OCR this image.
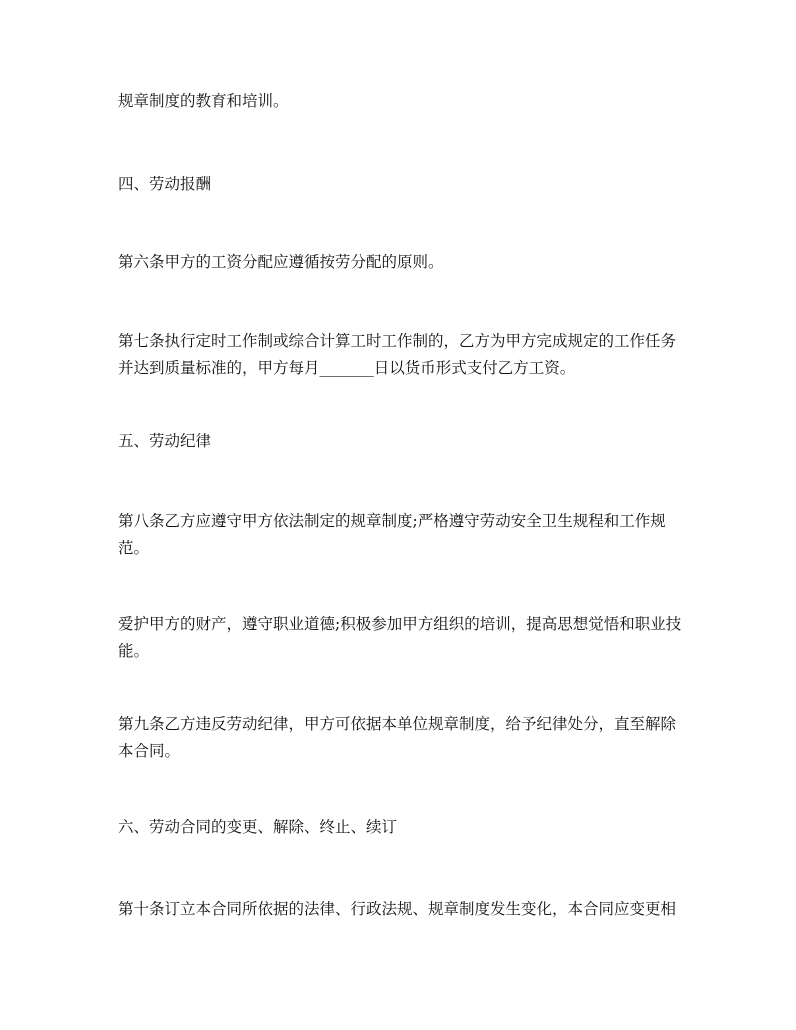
规章制度的教育和培训。

四、劳动报酬

第六条甲方的工资分配应遵循按劳分配的原则。

第七条执行定时工作制或综合计算工时工作制的，乙方为甲方完成规定的工作任务并达到质量标准的，甲方每月_______日以货币形式支付乙方工资。

五、劳动纪律

第八条乙方应遵守甲方依法制定的规章制度;严格遵守劳动安全卫生规程和工作规范。

爱护甲方的财产，遵守职业道德;积极参加甲方组织的培训，提高思想觉悟和职业技能。

第九条乙方违反劳动纪律，甲方可依据本单位规章制度，给予纪律处分，直至解除本合同。

六、劳动合同的变更、解除、终止、续订

第十条订立本合同所依据的法律、行政法规、规章制度发生变化，本合同应变更相
